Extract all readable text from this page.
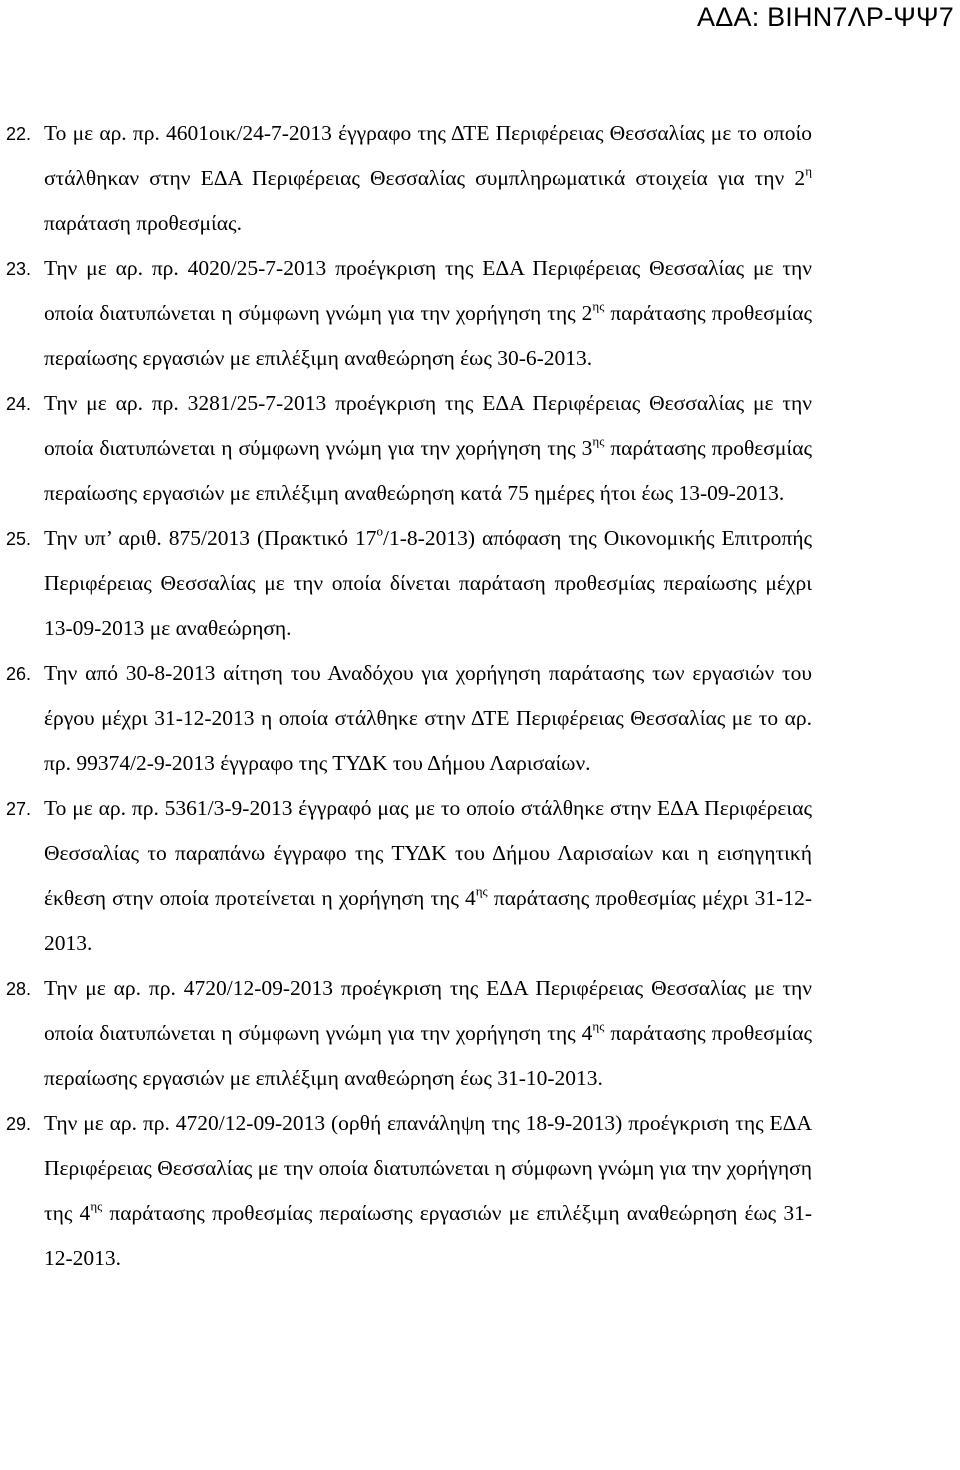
ΑΔΑ: ΒΙΗΝ7ΛΡ-ΨΨ7
22. Το με αρ. πρ. 4601οικ/24-7-2013 έγγραφο της ΔΤΕ Περιφέρειας Θεσσαλίας με το οποίο στάλθηκαν στην ΕΔΑ Περιφέρειας Θεσσαλίας συμπληρωματικά στοιχεία για την $2^\eta$ παράταση προθεσμίας.

23. Την με αρ. πρ. 4020/25-7-2013 προέγκριση της ΕΔΑ Περιφέρειας Θεσσαλίας με την οποία διατυπώνεται η σύμφωνη γνώμη για την χορήγηση της $2^{\eta\varsigma}$ παράτασης προθεσμίας περαίωσης εργασιών με επιλέξιμη αναθεώρηση έως 30-6-2013.

24. Την με αρ. πρ. 3281/25-7-2013 προέγκριση της ΕΔΑ Περιφέρειας Θεσσαλίας με την οποία διατυπώνεται η σύμφωνη γνώμη για την χορήγηση της $3^{\eta\varsigma}$ παράτασης προθεσμίας περαίωσης εργασιών με επιλέξιμη αναθεώρηση κατά 75 ημέρες ήτοι έως 13-09-2013.

25. Την υπ’ αριθ. 875/2013 (Πρακτικό $17^o/1-8-2013$) απόφαση της Οικονομικής Επιτροπής Περιφέρειας Θεσσαλίας με την οποία δίνεται παράταση προθεσμίας περαίωσης μέχρι 13-09-2013 με αναθεώρηση.

26. Την από 30-8-2013 αίτηση του Αναδόχου για χορήγηση παράτασης των εργασιών του έργου μέχρι 31-12-2013 η οποία στάλθηκε στην ΔΤΕ Περιφέρειας Θεσσαλίας με το αρ. πρ. 99374/2-9-2013 έγγραφο της ΤΥΔΚ του Δήμου Λαρισαίων.

27. Το με αρ. πρ. 5361/3-9-2013 έγγραφό μας με το οποίο στάλθηκε στην ΕΔΑ Περιφέρειας Θεσσαλίας το παραπάνω έγγραφο της ΤΥΔΚ του Δήμου Λαρισαίων και η εισηγητική έκθεση στην οποία προτείνεται η χορήγηση της $4^{\eta\varsigma}$ παράτασης προθεσμίας μέχρι 31-12-2013.

28. Την με αρ. πρ. 4720/12-09-2013 προέγκριση της ΕΔΑ Περιφέρειας Θεσσαλίας με την οποία διατυπώνεται η σύμφωνη γνώμη για την χορήγηση της $4^{\eta\varsigma}$ παράτασης προθεσμίας περαίωσης εργασιών με επιλέξιμη αναθεώρηση έως 31-10-2013.

29. Την με αρ. πρ. 4720/12-09-2013 (ορθή επανάληψη της 18-9-2013) προέγκριση της ΕΔΑ Περιφέρειας Θεσσαλίας με την οποία διατυπώνεται η σύμφωνη γνώμη για την χορήγηση της $4^{\eta\varsigma}$ παράτασης προθεσμίας περαίωσης εργασιών με επιλέξιμη αναθεώρηση έως 31-12-2013.
